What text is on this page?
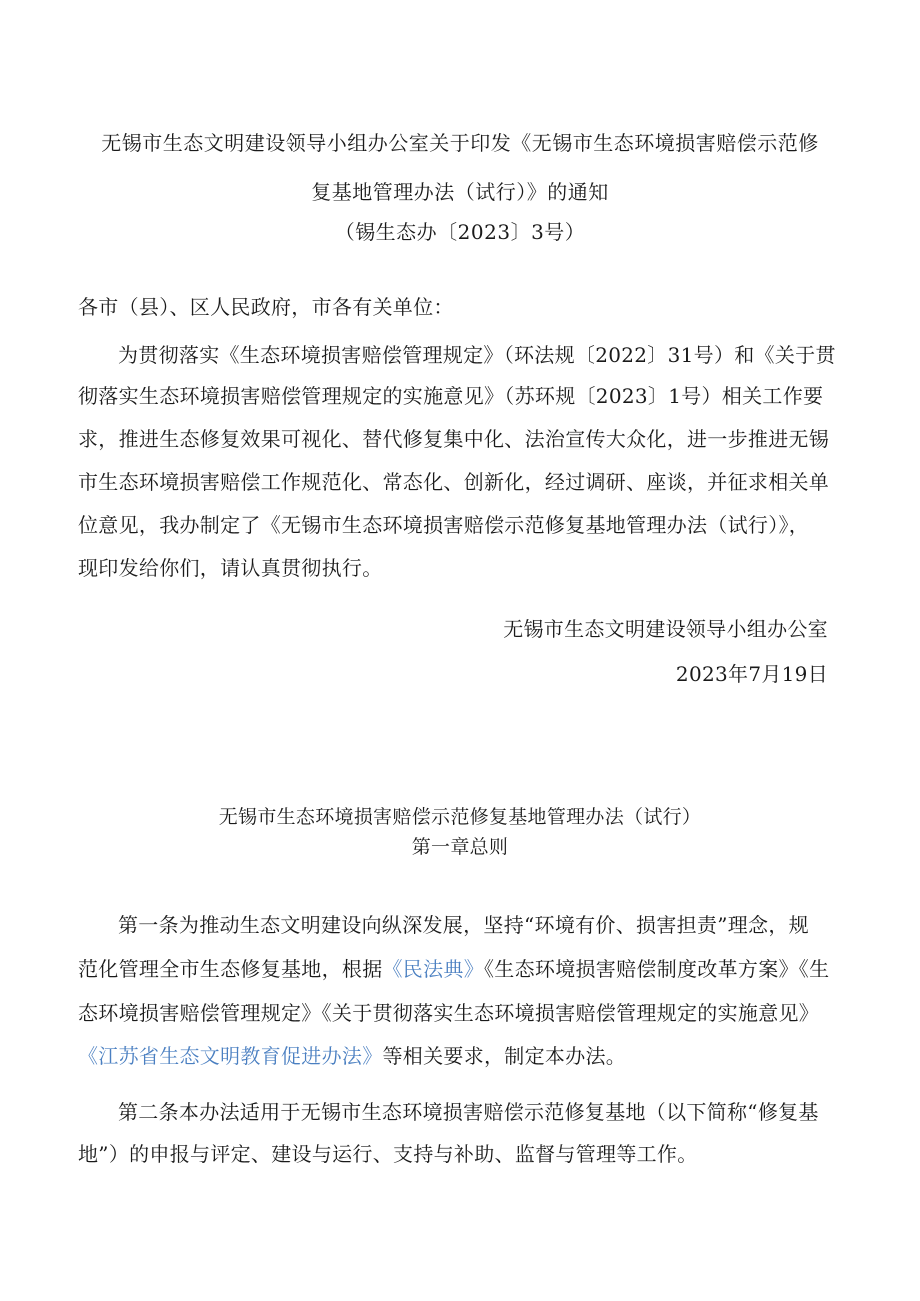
无锡市生态文明建设领导小组办公室关于印发《无锡市生态环境损害赔偿示范修
复基地管理办法（试行）》的通知
（锡生态办〔2023〕3号）
各市（县）、区人民政府，市各有关单位：
为贯彻落实《生态环境损害赔偿管理规定》（环法规〔2022〕31号）和《关于贯
彻落实生态环境损害赔偿管理规定的实施意见》（苏环规〔2023〕1号）相关工作要
求，推进生态修复效果可视化、替代修复集中化、法治宣传大众化，进一步推进无锡
市生态环境损害赔偿工作规范化、常态化、创新化，经过调研、座谈，并征求相关单
位意见，我办制定了《无锡市生态环境损害赔偿示范修复基地管理办法（试行）》，
现印发给你们，请认真贯彻执行。
无锡市生态文明建设领导小组办公室
2023年7月19日
无锡市生态环境损害赔偿示范修复基地管理办法（试行）
第一章总则
第一条为推动生态文明建设向纵深发展，坚持“环境有价、损害担责”理念，规
范化管理全市生态修复基地，根据《民法典》《生态环境损害赔偿制度改革方案》《生
态环境损害赔偿管理规定》《关于贯彻落实生态环境损害赔偿管理规定的实施意见》
《江苏省生态文明教育促进办法》等相关要求，制定本办法。
第二条本办法适用于无锡市生态环境损害赔偿示范修复基地（以下简称“修复基
地”）的申报与评定、建设与运行、支持与补助、监督与管理等工作。
